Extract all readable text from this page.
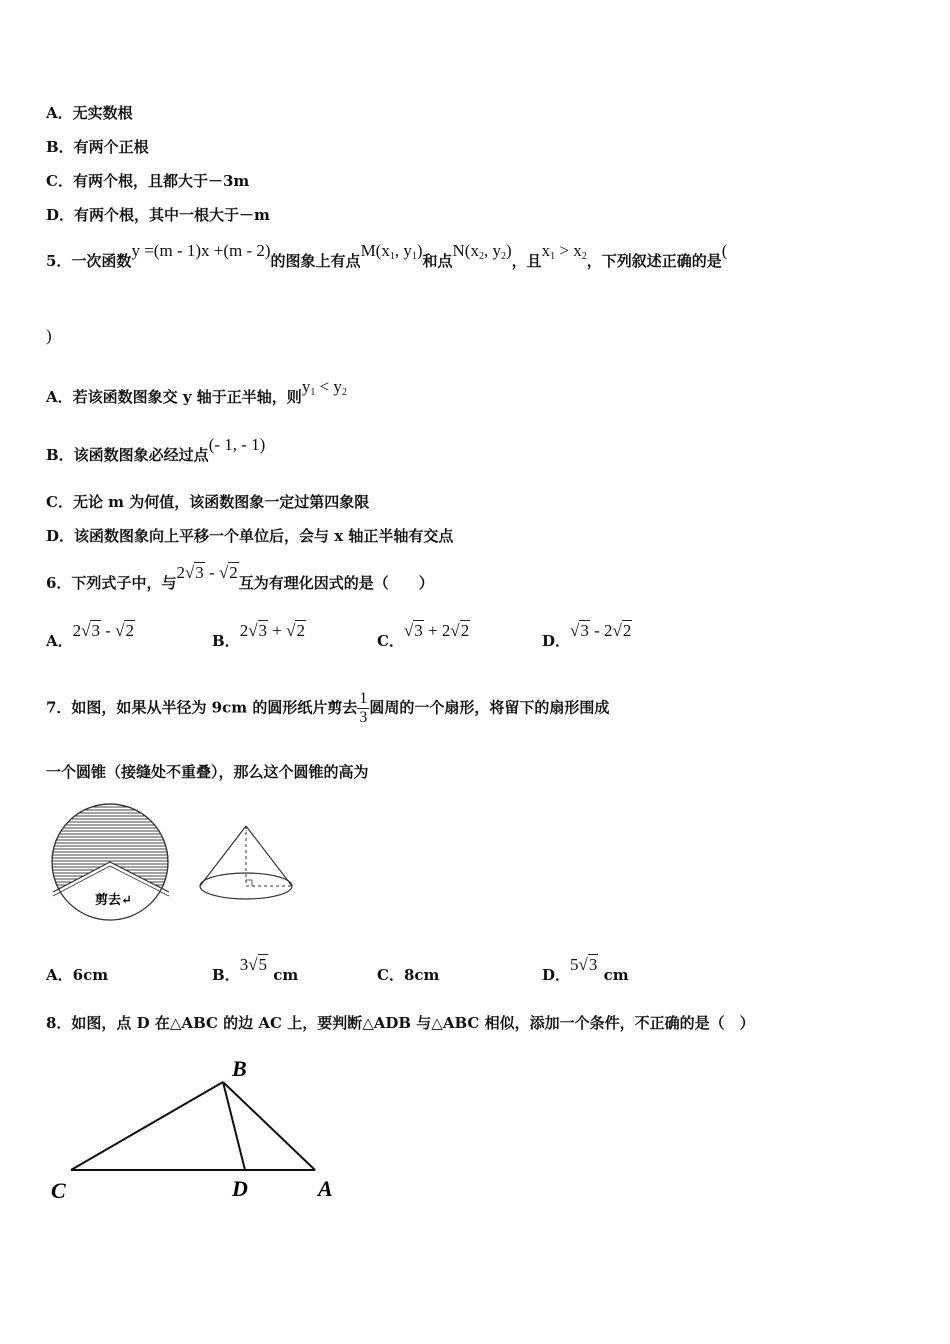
A．无实数根
B．有两个正根
C．有两个根，且都大于－3m
D．有两个根，其中一根大于－m
5．一次函数y =(m - 1)x +(m - 2)的图象上有点$M(x_1$, $y_1$)和点$N(x_2$, $y_2$)，且$x_1 > x_2$，下列叙述正确的是(
)
A．若该函数图象交 y 轴于正半轴，则$y_1 < y_2$
B．该函数图象必经过点(- 1, - 1)
C．无论 m 为何值，该函数图象一定过第四象限
D．该函数图象向上平移一个单位后，会与 x 轴正半轴有交点
6．下列式子中，与2√3 - √2互为有理化因式的是（　　）
A．2√3 - √2
B．2√3 + √2
C．√3 + 2√2
D．√3 - 2√2
7．如图，如果从半径为 9cm 的圆形纸片剪去 $\frac{1}{3}$ 圆周的一个扇形，将留下的扇形围成
一个圆锥（接缝处不重叠），那么这个圆锥的高为
剪去↵
A．6cm	B．3√5 cm	C．8cm	D．5√3 cm
8．如图，点 D 在△ABC 的边 AC 上，要判断△ADB 与△ABC 相似，添加一个条件，不正确的是（　）
B
C	D	A
